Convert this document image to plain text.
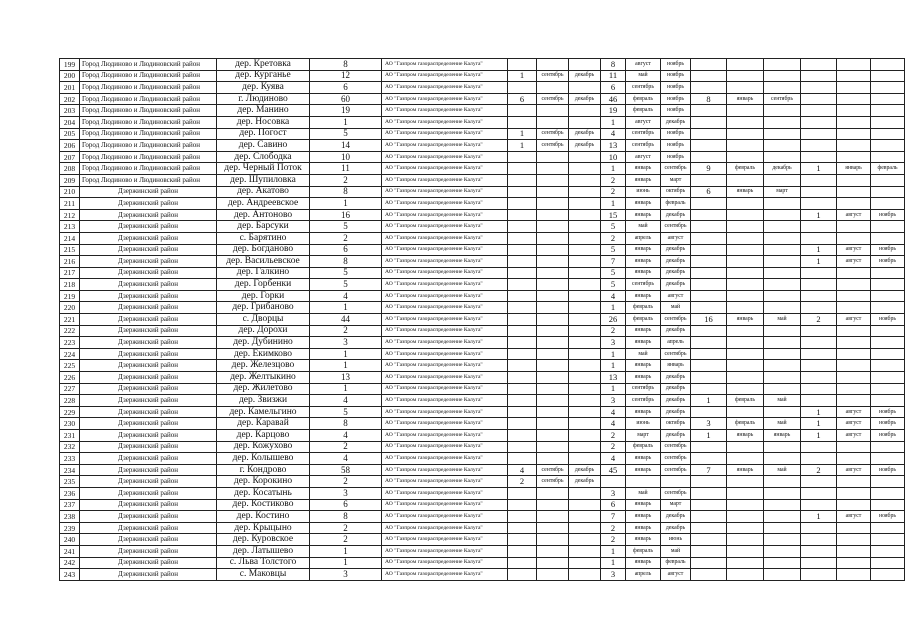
199	Город Людиново и Людиновский район	дер. Кретовка	8	АО "Газпром газораспределение Калуга"				8	август	ноябрь						
200	Город Людиново и Людиновский район	дер. Курганье	12	АО "Газпром газораспределение Калуга"	1	сентябрь	декабрь	11	май	ноябрь						
201	Город Людиново и Людиновский район	дер. Куява	6	АО "Газпром газораспределение Калуга"				6	сентябрь	ноябрь						
202	Город Людиново и Людиновский район	г. Людиново	60	АО "Газпром газораспределение Калуга"	6	сентябрь	декабрь	46	февраль	ноябрь	8	январь	сентябрь			
203	Город Людиново и Людиновский район	дер. Манино	19	АО "Газпром газораспределение Калуга"				19	февраль	ноябрь						
204	Город Людиново и Людиновский район	дер. Носовка	1	АО "Газпром газораспределение Калуга"				1	август	декабрь						
205	Город Людиново и Людиновский район	дер. Погост	5	АО "Газпром газораспределение Калуга"	1	сентябрь	декабрь	4	сентябрь	ноябрь						
206	Город Людиново и Людиновский район	дер. Савино	14	АО "Газпром газораспределение Калуга"	1	сентябрь	декабрь	13	сентябрь	ноябрь						
207	Город Людиново и Людиновский район	дер. Слободка	10	АО "Газпром газораспределение Калуга"				10	август	ноябрь						
208	Город Людиново и Людиновский район	дер. Черный Поток	11	АО "Газпром газораспределение Калуга"				1	январь	сентябрь	9	февраль	декабрь	1	январь	февраль
209	Город Людиново и Людиновский район	дер. Шупиловка	2	АО "Газпром газораспределение Калуга"				2	январь	март						
210	Дзержинский район	дер. Акатово	8	АО "Газпром газораспределение Калуга"				2	июнь	октябрь	6	январь	март			
211	Дзержинский район	дер. Андреевское	1	АО "Газпром газораспределение Калуга"				1	январь	февраль						
212	Дзержинский район	дер. Антоново	16	АО "Газпром газораспределение Калуга"				15	январь	декабрь				1	август	ноябрь
213	Дзержинский район	дер. Барсуки	5	АО "Газпром газораспределение Калуга"				5	май	сентябрь						
214	Дзержинский район	с. Барятино	2	АО "Газпром газораспределение Калуга"				2	апрель	август						
215	Дзержинский район	дер. Богданово	6	АО "Газпром газораспределение Калуга"				5	январь	декабрь				1	август	ноябрь
216	Дзержинский район	дер. Васильевское	8	АО "Газпром газораспределение Калуга"				7	январь	декабрь				1	август	ноябрь
217	Дзержинский район	дер. Галкино	5	АО "Газпром газораспределение Калуга"				5	январь	декабрь						
218	Дзержинский район	дер. Горбенки	5	АО "Газпром газораспределение Калуга"				5	сентябрь	декабрь						
219	Дзержинский район	дер. Горки	4	АО "Газпром газораспределение Калуга"				4	январь	август						
220	Дзержинский район	дер. Грибаново	1	АО "Газпром газораспределение Калуга"				1	февраль	май						
221	Дзержинский район	с. Дворцы	44	АО "Газпром газораспределение Калуга"				26	февраль	сентябрь	16	январь	май	2	август	ноябрь
222	Дзержинский район	дер. Дорохи	2	АО "Газпром газораспределение Калуга"				2	январь	декабрь						
223	Дзержинский район	дер. Дубинино	3	АО "Газпром газораспределение Калуга"				3	январь	апрель						
224	Дзержинский район	дер. Екимково	1	АО "Газпром газораспределение Калуга"				1	май	сентябрь						
225	Дзержинский район	дер. Железцово	1	АО "Газпром газораспределение Калуга"				1	январь	январь						
226	Дзержинский район	дер. Желтыкино	13	АО "Газпром газораспределение Калуга"				13	январь	декабрь						
227	Дзержинский район	дер. Жилетово	1	АО "Газпром газораспределение Калуга"				1	сентябрь	декабрь						
228	Дзержинский район	дер. Звизжи	4	АО "Газпром газораспределение Калуга"				3	сентябрь	декабрь	1	февраль	май			
229	Дзержинский район	дер. Камельгино	5	АО "Газпром газораспределение Калуга"				4	январь	декабрь				1	август	ноябрь
230	Дзержинский район	дер. Каравай	8	АО "Газпром газораспределение Калуга"				4	июнь	октябрь	3	февраль	май	1	август	ноябрь
231	Дзержинский район	дер. Карцово	4	АО "Газпром газораспределение Калуга"				2	март	декабрь	1	январь	январь	1	август	ноябрь
232	Дзержинский район	дер. Кожухово	2	АО "Газпром газораспределение Калуга"				2	февраль	сентябрь						
233	Дзержинский район	дер. Колышево	4	АО "Газпром газораспределение Калуга"				4	январь	сентябрь						
234	Дзержинский район	г. Кондрово	58	АО "Газпром газораспределение Калуга"	4	сентябрь	декабрь	45	январь	сентябрь	7	январь	май	2	август	ноябрь
235	Дзержинский район	дер. Корокино	2	АО "Газпром газораспределение Калуга"	2	сентябрь	декабрь									
236	Дзержинский район	дер. Косатынь	3	АО "Газпром газораспределение Калуга"				3	май	сентябрь						
237	Дзержинский район	дер. Костиково	6	АО "Газпром газораспределение Калуга"				6	январь	март						
238	Дзержинский район	дер. Костино	8	АО "Газпром газораспределение Калуга"				7	январь	декабрь				1	август	ноябрь
239	Дзержинский район	дер. Крыцыно	2	АО "Газпром газораспределение Калуга"				2	январь	декабрь						
240	Дзержинский район	дер. Куровское	2	АО "Газпром газораспределение Калуга"				2	январь	июнь						
241	Дзержинский район	дер. Латышево	1	АО "Газпром газораспределение Калуга"				1	февраль	май						
242	Дзержинский район	с. Льва Толстого	1	АО "Газпром газораспределение Калуга"				1	январь	февраль						
243	Дзержинский район	с. Маковцы	3	АО "Газпром газораспределение Калуга"				3	апрель	август						
